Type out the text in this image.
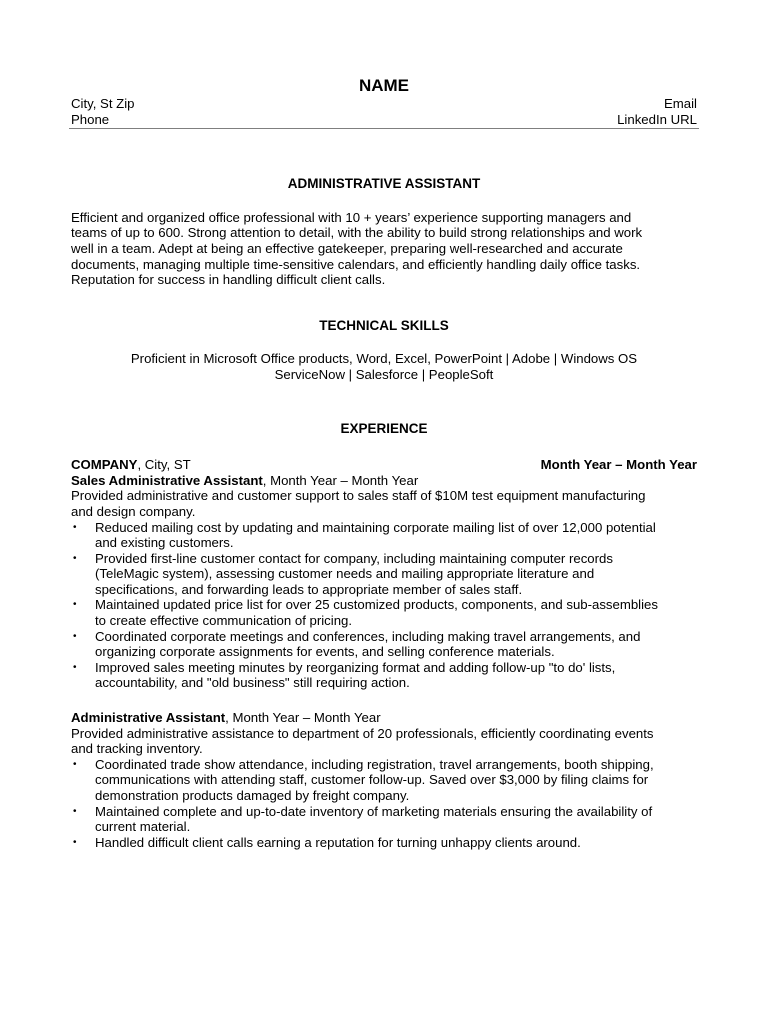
NAME
City, St Zip
Phone
Email
LinkedIn URL
ADMINISTRATIVE ASSISTANT
Efficient and organized office professional with 10 + years’ experience supporting managers and
teams of up to 600. Strong attention to detail, with the ability to build strong relationships and work
well in a team. Adept at being an effective gatekeeper, preparing well-researched and accurate
documents, managing multiple time-sensitive calendars, and efficiently handling daily office tasks.
Reputation for success in handling difficult client calls.
TECHNICAL SKILLS
Proficient in Microsoft Office products, Word, Excel, PowerPoint | Adobe | Windows OS
ServiceNow | Salesforce | PeopleSoft
EXPERIENCE
COMPANY, City, ST	Month Year – Month Year
Sales Administrative Assistant, Month Year – Month Year
Provided administrative and customer support to sales staff of $10M test equipment manufacturing
and design company.
• Reduced mailing cost by updating and maintaining corporate mailing list of over 12,000 potential
and existing customers.
• Provided first-line customer contact for company, including maintaining computer records
(TeleMagic system), assessing customer needs and mailing appropriate literature and
specifications, and forwarding leads to appropriate member of sales staff.
• Maintained updated price list for over 25 customized products, components, and sub-assemblies
to create effective communication of pricing.
• Coordinated corporate meetings and conferences, including making travel arrangements, and
organizing corporate assignments for events, and selling conference materials.
• Improved sales meeting minutes by reorganizing format and adding follow-up "to do' lists,
accountability, and "old business" still requiring action.
Administrative Assistant, Month Year – Month Year
Provided administrative assistance to department of 20 professionals, efficiently coordinating events
and tracking inventory.
• Coordinated trade show attendance, including registration, travel arrangements, booth shipping,
communications with attending staff, customer follow-up. Saved over $3,000 by filing claims for
demonstration products damaged by freight company.
• Maintained complete and up-to-date inventory of marketing materials ensuring the availability of
current material.
• Handled difficult client calls earning a reputation for turning unhappy clients around.
